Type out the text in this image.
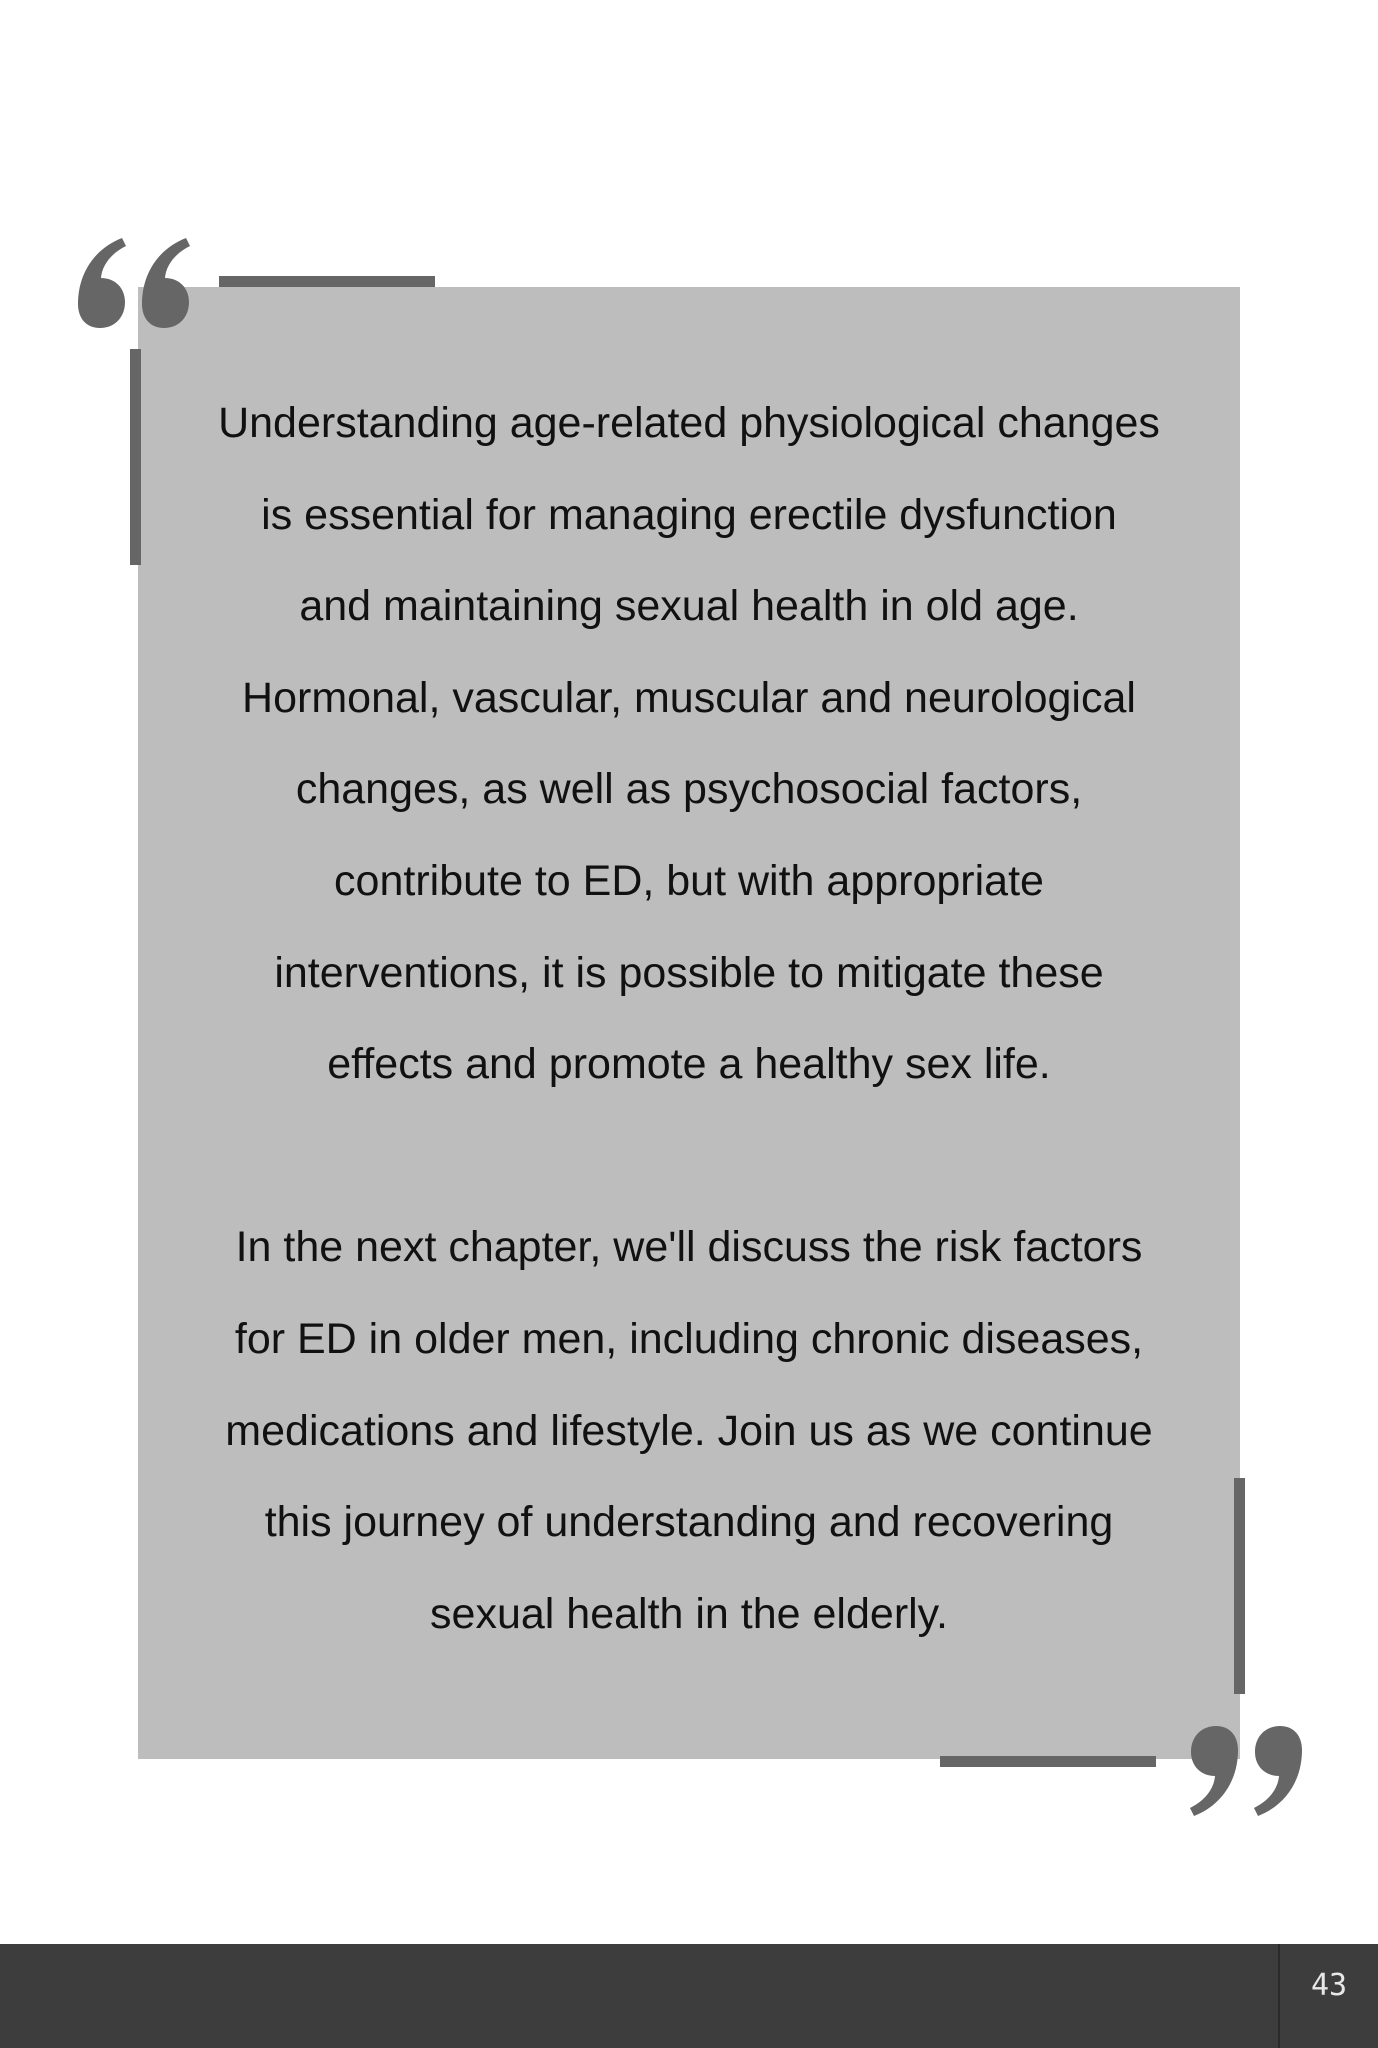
Understanding age-related physiological changes
is essential for managing erectile dysfunction
and maintaining sexual health in old age.
Hormonal, vascular, muscular and neurological
changes, as well as psychosocial factors,
contribute to ED, but with appropriate
interventions, it is possible to mitigate these
effects and promote a healthy sex life.

In the next chapter, we'll discuss the risk factors
for ED in older men, including chronic diseases,
medications and lifestyle. Join us as we continue
this journey of understanding and recovering
sexual health in the elderly.

43
